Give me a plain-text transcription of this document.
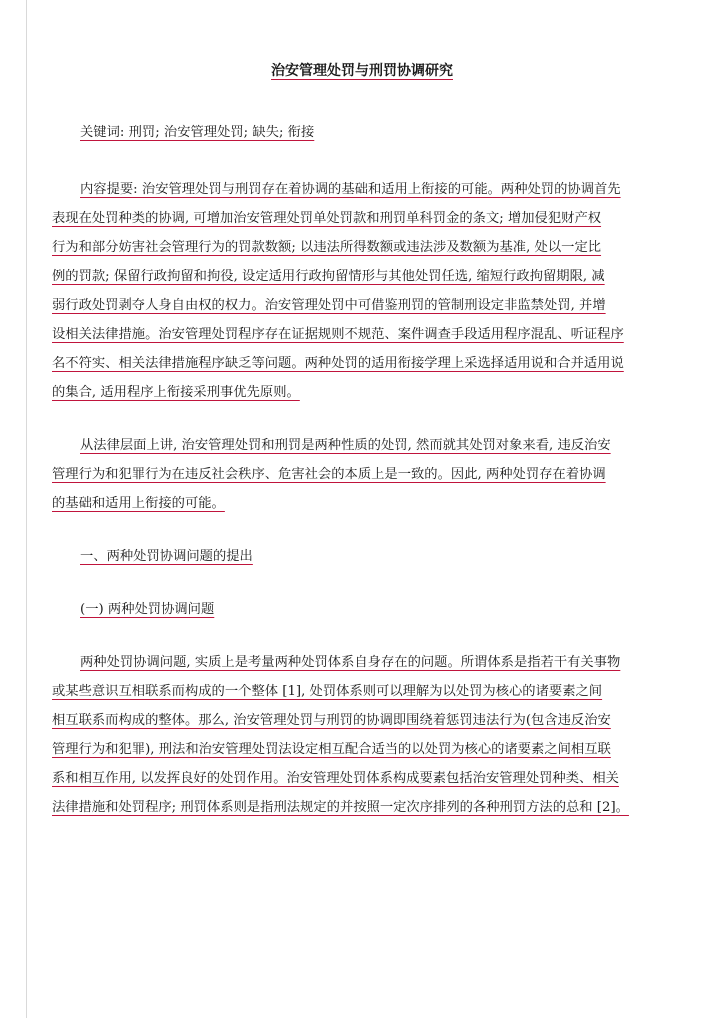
治安管理处罚与刑罚协调研究
关键词: 刑罚; 治安管理处罚; 缺失; 衔接
内容提要: 治安管理处罚与刑罚存在着协调的基础和适用上衔接的可能。两种处罚的协调首先
表现在处罚种类的协调, 可增加治安管理处罚单处罚款和刑罚单科罚金的条文; 增加侵犯财产权
行为和部分妨害社会管理行为的罚款数额; 以违法所得数额或违法涉及数额为基准, 处以一定比
例的罚款; 保留行政拘留和拘役, 设定适用行政拘留情形与其他处罚任选, 缩短行政拘留期限, 减
弱行政处罚剥夺人身自由权的权力。治安管理处罚中可借鉴刑罚的管制刑设定非监禁处罚, 并增
设相关法律措施。治安管理处罚程序存在证据规则不规范、案件调查手段适用程序混乱、听证程序
名不符实、相关法律措施程序缺乏等问题。两种处罚的适用衔接学理上采选择适用说和合并适用说
的集合, 适用程序上衔接采刑事优先原则。
从法律层面上讲, 治安管理处罚和刑罚是两种性质的处罚, 然而就其处罚对象来看, 违反治安
管理行为和犯罪行为在违反社会秩序、危害社会的本质上是一致的。因此, 两种处罚存在着协调
的基础和适用上衔接的可能。
一、两种处罚协调问题的提出
(一) 两种处罚协调问题
两种处罚协调问题, 实质上是考量两种处罚体系自身存在的问题。所谓体系是指若干有关事物
或某些意识互相联系而构成的一个整体 [1], 处罚体系则可以理解为以处罚为核心的诸要素之间
相互联系而构成的整体。那么, 治安管理处罚与刑罚的协调即围绕着惩罚违法行为(包含违反治安
管理行为和犯罪), 刑法和治安管理处罚法设定相互配合适当的以处罚为核心的诸要素之间相互联
系和相互作用, 以发挥良好的处罚作用。治安管理处罚体系构成要素包括治安管理处罚种类、相关
法律措施和处罚程序; 刑罚体系则是指刑法规定的并按照一定次序排列的各种刑罚方法的总和 [2]。
